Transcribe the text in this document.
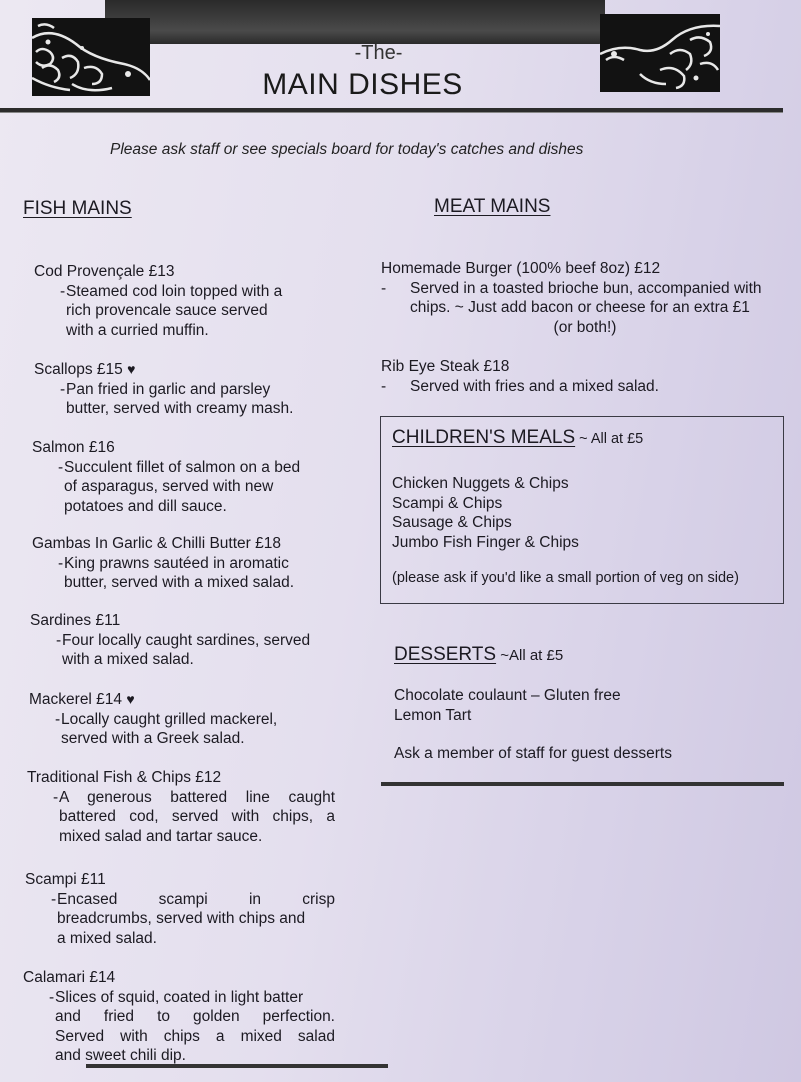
-The-
MAIN DISHES
Please ask staff or see specials board for today's catches and dishes
FISH MAINS
Cod Provençale £13
- Steamed cod loin topped with a
rich provencale sauce served
with a curried muffin.
Scallops £15 ♥
- Pan fried in garlic and parsley
butter, served with creamy mash.
Salmon £16
- Succulent fillet of salmon on a bed
of asparagus, served with new
potatoes and dill sauce.
Gambas In Garlic & Chilli Butter £18
- King prawns sautéed in aromatic
butter, served with a mixed salad.
Sardines £11
- Four locally caught sardines, served
with a mixed salad.
Mackerel £14 ♥
- Locally caught grilled mackerel,
served with a Greek salad.
Traditional Fish & Chips £12
- A generous battered line caught
battered cod, served with chips, a
mixed salad and tartar sauce.
Scampi £11
- Encased scampi in crisp
breadcrumbs, served with chips and
a mixed salad.
Calamari £14
- Slices of squid, coated in light batter
and fried to golden perfection.
Served with chips a mixed salad
and sweet chili dip.
MEAT MAINS
Homemade Burger (100% beef 8oz) £12
-	Served in a toasted brioche bun, accompanied with
chips. ~ Just add bacon or cheese for an extra £1
(or both!)
Rib Eye Steak £18
-	Served with fries and a mixed salad.
CHILDREN'S MEALS ~ All at £5
Chicken Nuggets & Chips
Scampi & Chips
Sausage & Chips
Jumbo Fish Finger & Chips
(please ask if you'd like a small portion of veg on side)
DESSERTS ~All at £5
Chocolate coulaunt – Gluten free
Lemon Tart
Ask a member of staff for guest desserts
